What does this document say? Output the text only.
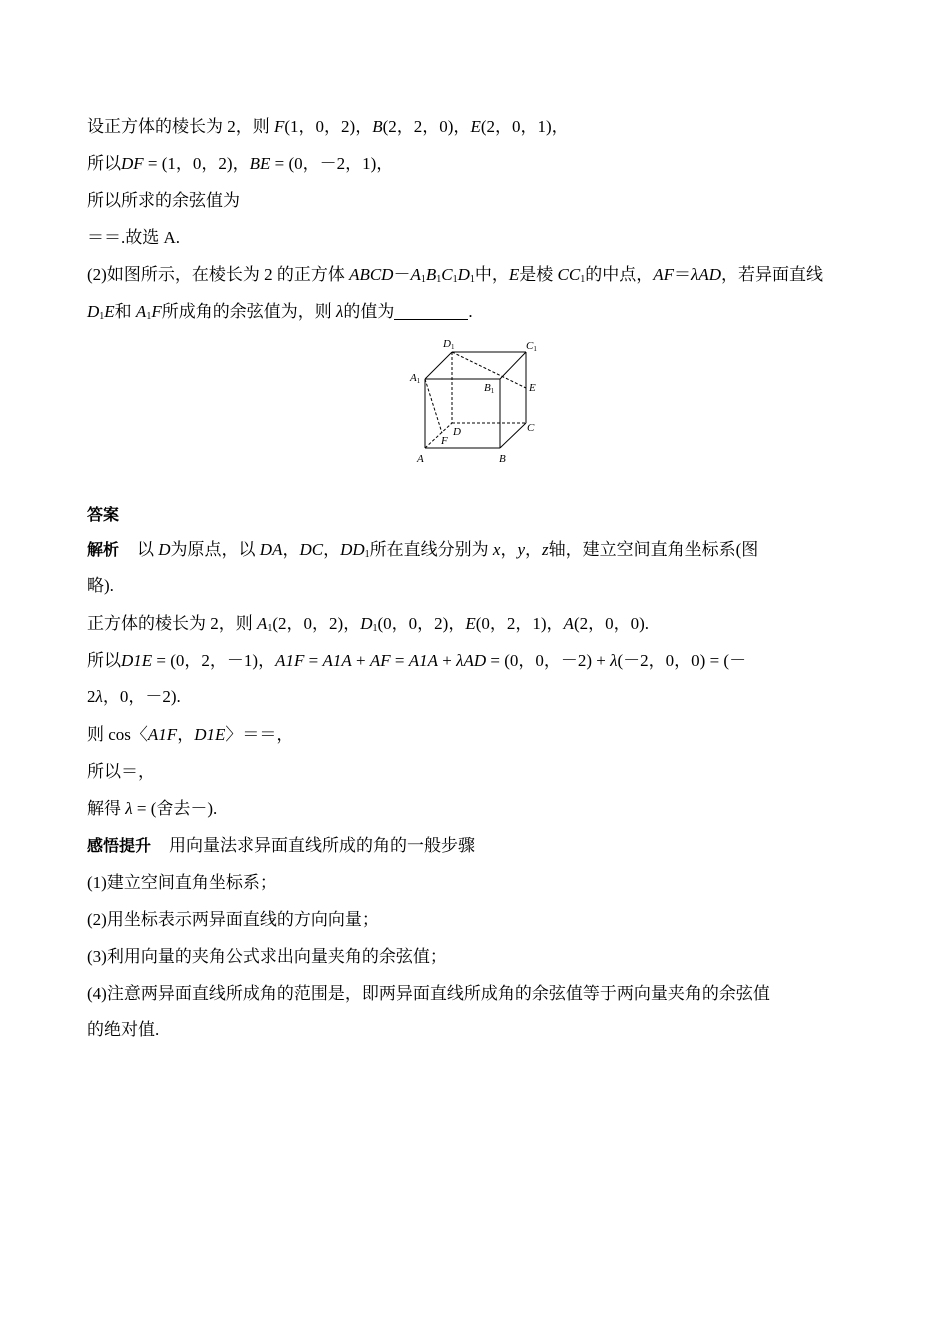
设正方体的棱长为 2，则 F(1，0，2)，B(2，2，0)，E(2，0，1)，
所以DF = (1，0，2)，BE = (0，－2，1)，
所以所求的余弦值为
＝＝.故选 A.
(2)如图所示，在棱长为 2 的正方体 $ABCD-A_1B_1C_1D_1$中，E是棱 $CC_1$的中点，AF＝λAD，若异面直线
$D_1E$和 $A_1F$所成角的余弦值为，则 λ的值为	.
D1	C1
A1
B1	E
D	C
F
A	B
答案
解析 以 D为原点，以 DA，DC，$DD_1$所在直线分别为 x，y，z轴，建立空间直角坐标系(图
略).
正方体的棱长为 2，则 $A_1(2$，0，2)，$D_1(0$，0，2)，E(0，2，1)，A(2，0，0).
所以D1E = (0，2，－1)，A1F = A1A + AF = A1A + λAD = (0，0，－2) + λ(－2，0，0) = (－
2λ，0，－2).
则 cos〈A1F，D1E〉＝＝，
所以＝，
解得 λ = (舍去－).
感悟提升 用向量法求异面直线所成的角的一般步骤
(1)建立空间直角坐标系；
(2)用坐标表示两异面直线的方向向量；
(3)利用向量的夹角公式求出向量夹角的余弦值；
(4)注意两异面直线所成角的范围是，即两异面直线所成角的余弦值等于两向量夹角的余弦值
的绝对值.
